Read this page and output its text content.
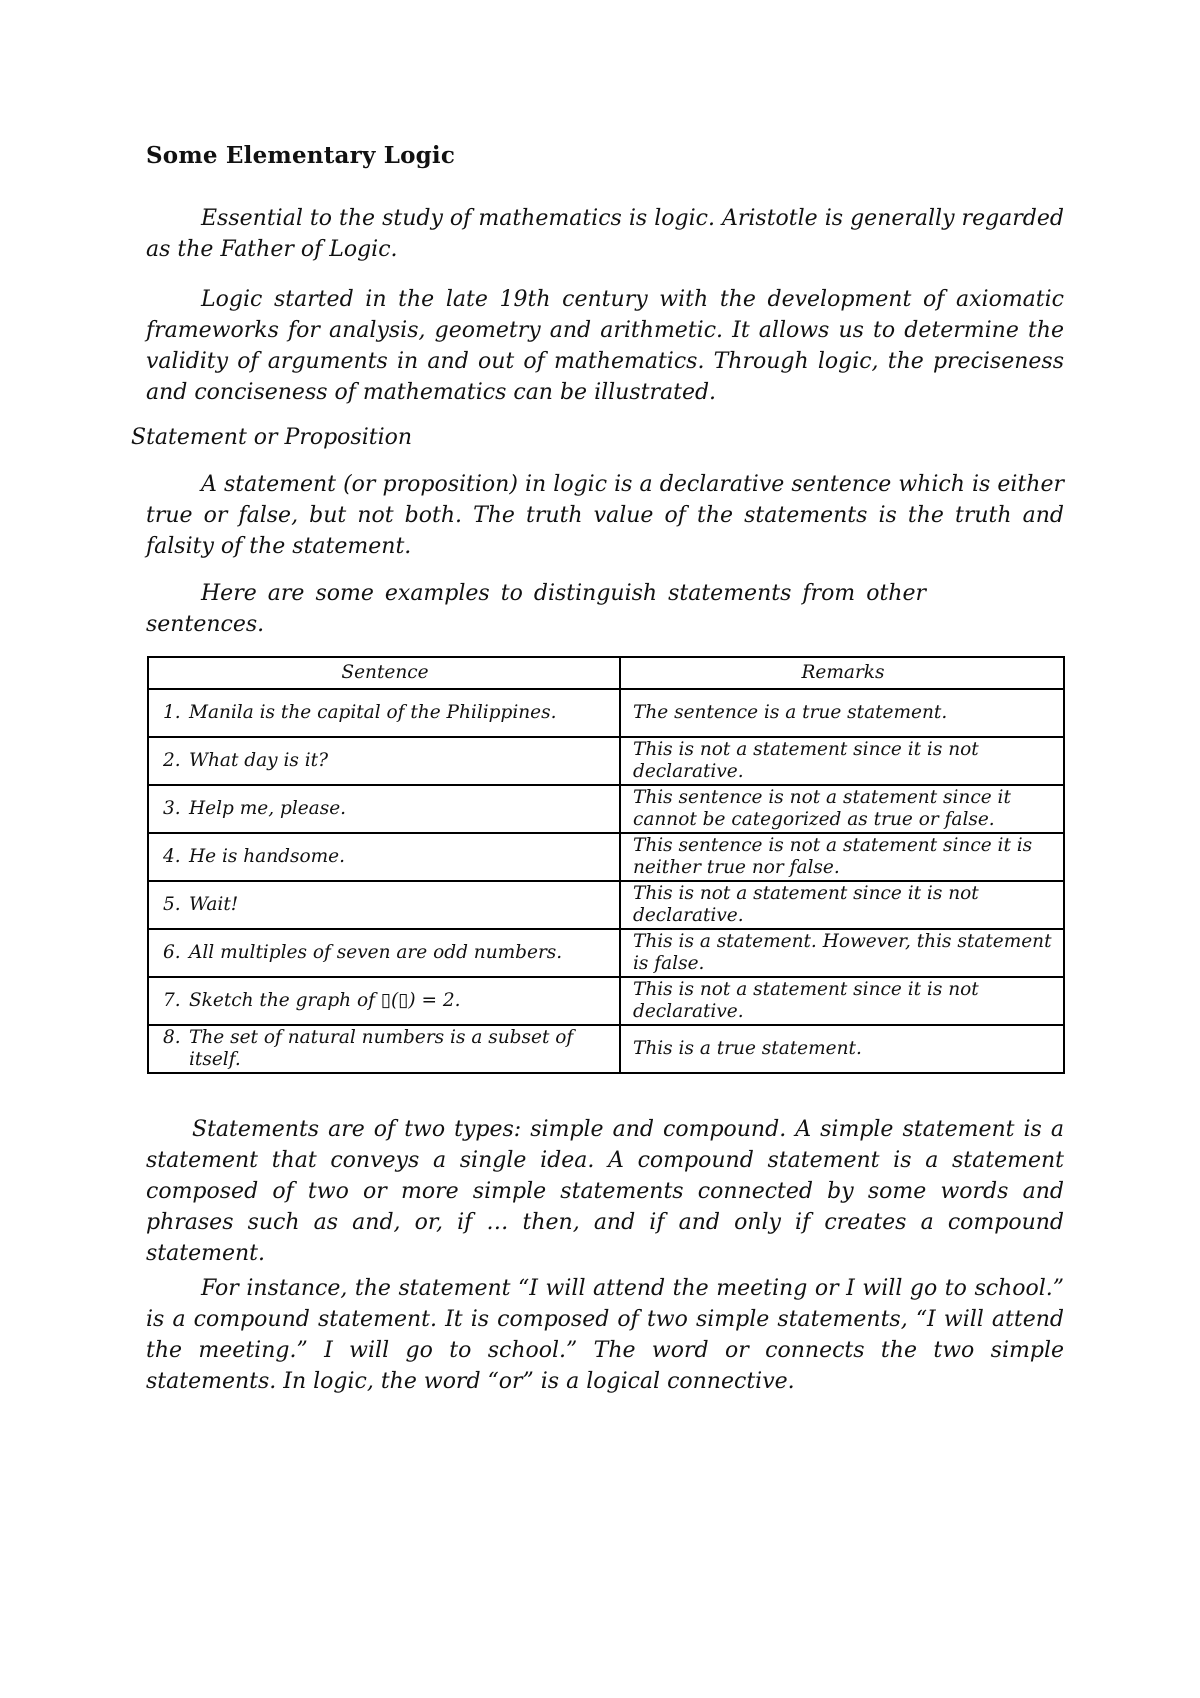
Some Elementary Logic

Essential to the study of mathematics is logic. Aristotle is generally regarded as the Father of Logic.

Logic started in the late 19th century with the development of axiomatic frameworks for analysis, geometry and arithmetic. It allows us to determine the validity of arguments in and out of mathematics. Through logic, the preciseness and conciseness of mathematics can be illustrated.

Statement or Proposition

A statement (or proposition) in logic is a declarative sentence which is either true or false, but not both. The truth value of the statements is the truth and falsity of the statement.

Here are some examples to distinguish statements from other sentences.

Sentence	Remarks
1. Manila is the capital of the Philippines.	The sentence is a true statement.
2. What day is it?	This is not a statement since it is not declarative.
3. Help me, please.	This sentence is not a statement since it cannot be categorized as true or false.
4. He is handsome.	This sentence is not a statement since it is neither true nor false.
5. Wait!	This is not a statement since it is not declarative.
6. All multiples of seven are odd numbers.	This is a statement. However, this statement is false.
7. Sketch the graph of ▯(▯) = 2.	This is not a statement since it is not declarative.
8. The set of natural numbers is a subset of itself.	This is a true statement.

Statements are of two types: simple and compound. A simple statement is a statement that conveys a single idea. A compound statement is a statement composed of two or more simple statements connected by some words and phrases such as and, or, if … then, and if and only if creates a compound statement.

For instance, the statement “I will attend the meeting or I will go to school.” is a compound statement. It is composed of two simple statements, “I will attend the meeting.” I will go to school.” The word or connects the two simple statements. In logic, the word “or” is a logical connective.
